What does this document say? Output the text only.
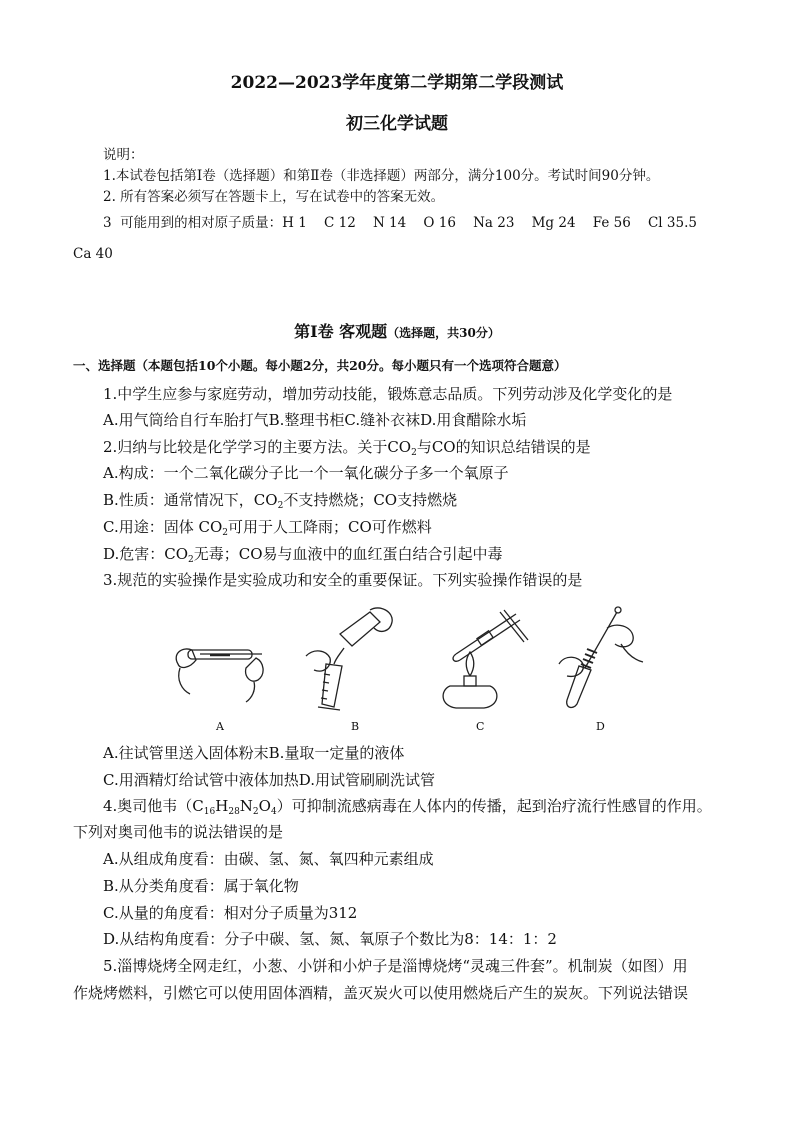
2022—2023学年度第二学期第二学段测试
初三化学试题
说明：
1.本试卷包括第Ⅰ卷（选择题）和第Ⅱ卷（非选择题）两部分，满分100分。考试时间90分钟。
2. 所有答案必须写在答题卡上，写在试卷中的答案无效。
3  可能用到的相对原子质量：H 1    C 12    N 14    O 16    Na 23    Mg 24    Fe 56    Cl 35.5
Ca 40
第Ⅰ卷 客观题（选择题，共30分）
一、选择题（本题包括10个小题。每小题2分，共20分。每小题只有一个选项符合题意）
1.中学生应参与家庭劳动，增加劳动技能，锻炼意志品质。下列劳动涉及化学变化的是
A.用气筒给自行车胎打气B.整理书柜C.缝补衣袜D.用食醋除水垢
2.归纳与比较是化学学习的主要方法。关于$CO_2$与CO的知识总结错误的是
A.构成：一个二氧化碳分子比一个一氧化碳分子多一个氧原子
B.性质：通常情况下，$CO_2$不支持燃烧；CO支持燃烧
C.用途：固体 $CO_2$可用于人工降雨；CO可作燃料
D.危害：$CO_2$无毒；CO易与血液中的血红蛋白结合引起中毒
3.规范的实验操作是实验成功和安全的重要保证。下列实验操作错误的是
A	B	C	D
A.往试管里送入固体粉末B.量取一定量的液体
C.用酒精灯给试管中液体加热D.用试管刷刷洗试管
4.奥司他韦$(C_{16}H_{28}N_2O_4)$可抑制流感病毒在人体内的传播，起到治疗流行性感冒的作用。
下列对奥司他韦的说法错误的是
A.从组成角度看：由碳、氢、氮、氧四种元素组成
B.从分类角度看：属于氧化物
C.从量的角度看：相对分子质量为312
D.从结构角度看：分子中碳、氢、氮、氧原子个数比为8：14：1：2
5.淄博烧烤全网走红，小葱、小饼和小炉子是淄博烧烤“灵魂三件套”。机制炭（如图）用
作烧烤燃料，引燃它可以使用固体酒精，盖灭炭火可以使用燃烧后产生的炭灰。下列说法错误
